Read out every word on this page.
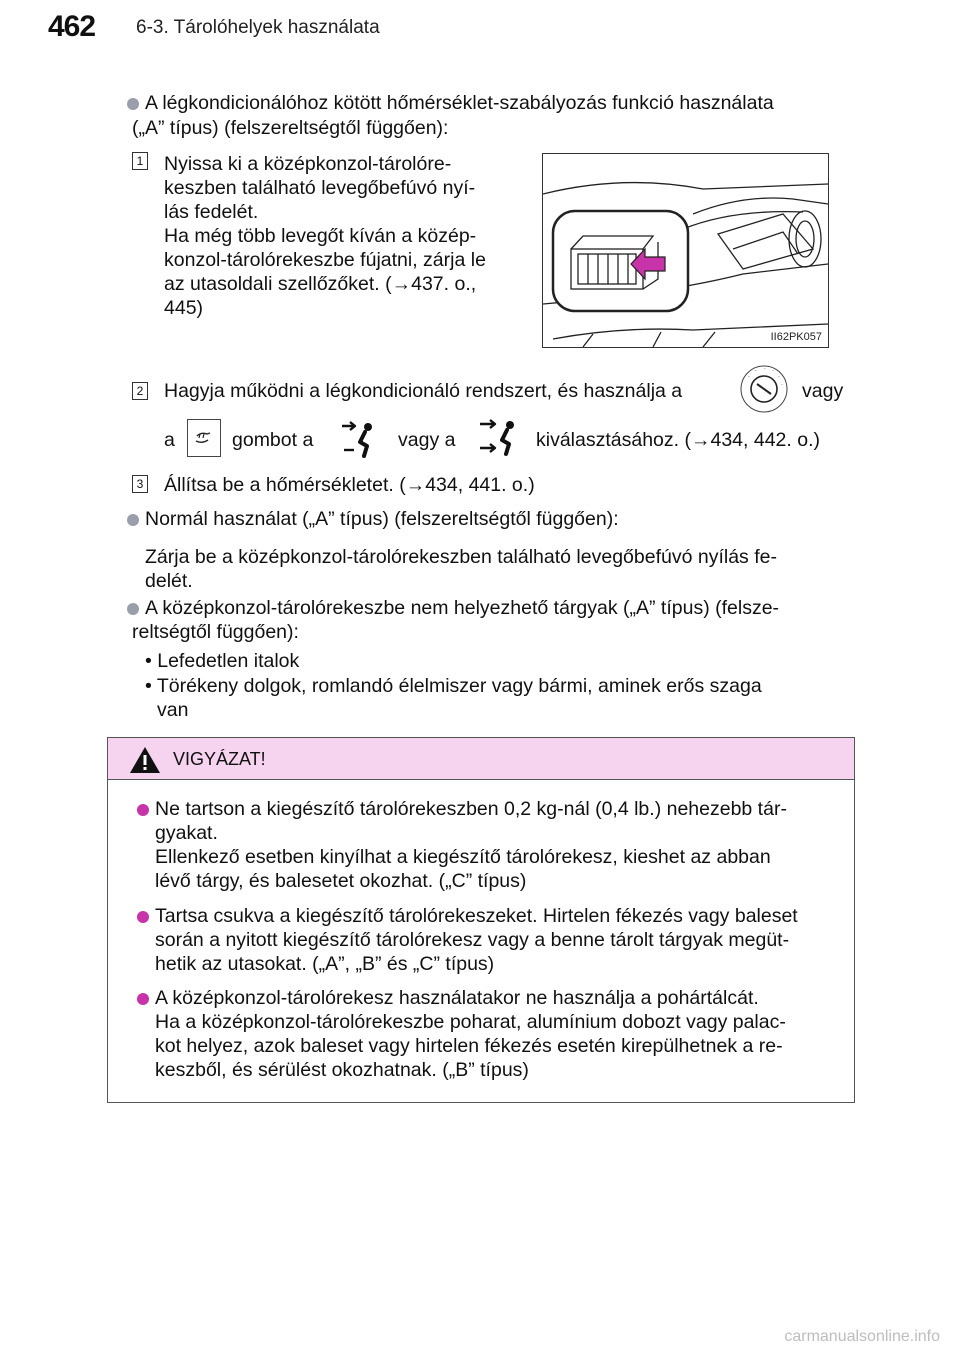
462 6-3. Tárolóhelyek használata
A légkondicionálóhoz kötött hőmérséklet-szabályozás funkció használata
(„A” típus) (felszereltségtől függően):
1 Nyissa ki a középkonzol-tárolóre-
keszben található levegőbefúvó nyí-
lás fedelét.
Ha még több levegőt kíván a közép-
konzol-tárolórekeszbe fújatni, zárja le
az utasoldali szellőzőket. (→437. o.,
445)
II62PK057
2 Hagyja működni a légkondicionáló rendszert, és használja a
·
· · ·
·
· vagy
a	gombot a	vagy a	kiválasztásához. (→434, 442. o.)
3 Állítsa be a hőmérsékletet. (→434, 441. o.)
Normál használat („A” típus) (felszereltségtől függően):
Zárja be a középkonzol-tárolórekeszben található levegőbefúvó nyílás fe-
delét.
A középkonzol-tárolórekeszbe nem helyezhető tárgyak („A” típus) (felsze-
reltségtől függően):
• Lefedetlen italok
• Törékeny dolgok, romlandó élelmiszer vagy bármi, aminek erős szaga
van
VIGYÁZAT!
Ne tartson a kiegészítő tárolórekeszben 0,2 kg-nál (0,4 lb.) nehezebb tár-
gyakat.
Ellenkező esetben kinyílhat a kiegészítő tárolórekesz, kieshet az abban
lévő tárgy, és balesetet okozhat. („C” típus)
Tartsa csukva a kiegészítő tárolórekeszeket. Hirtelen fékezés vagy baleset
során a nyitott kiegészítő tárolórekesz vagy a benne tárolt tárgyak megüt-
hetik az utasokat. („A”, „B” és „C” típus)
A középkonzol-tárolórekesz használatakor ne használja a pohártálcát.
Ha a középkonzol-tárolórekeszbe poharat, alumínium dobozt vagy palac-
kot helyez, azok baleset vagy hirtelen fékezés esetén kirepülhetnek a re-
keszből, és sérülést okozhatnak. („B” típus)
carmanualsonline.info
